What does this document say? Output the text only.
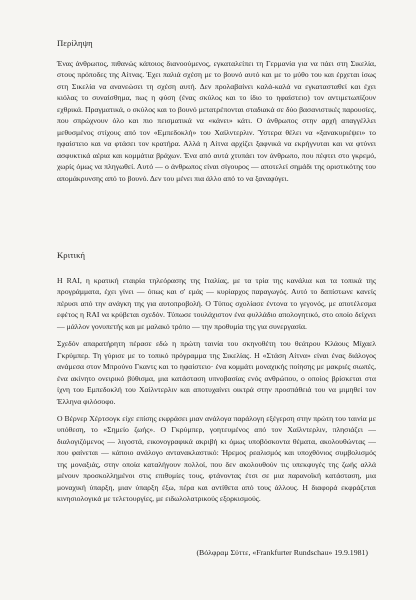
Περίληψη

Ένας άνθρωπος, πιθανώς κάποιος διανοούμενος, εγκαταλείπει τη Γερμανία για να πάει στη Σικελία, στους πρόποδες της Αίτνας. Έχει παλιά σχέση με το βουνό αυτό και με το μύθο του και έρχεται ίσως στη Σικελία να ανανεώσει τη σχέση αυτή. Δεν προλαβαίνει καλά-καλά να εγκατασταθεί και έχει κιόλας το συναίσθημα, πως η φύση (ένας σκύλος και το ίδιο το ηφαίστειο) τον αντιμετωπίζουν εχθρικά. Πραγματικά, ο σκύλος και το βουνό μετατρέπονται σταδιακά σε δύο βασανιστικές παρουσίες, που σπρώχνουν όλο και πιο πεισματικά να «κάνει» κάτι. Ο άνθρωπος στην αρχή απαγγέλλει μεθυσμένος στίχους από τον «Εμπεδοκλή» του Χαίλντερλιν. Ύστερα θέλει να «ξανακυριέψει» το ηφαίστειο και να φτάσει τον κρατήρα. Αλλά η Αίτνα αρχίζει ξαφνικά να εκρήγνυται και να φτύνει ασφυκτικά αέρια και κομμάτια βράχων. Ένα από αυτά χτυπάει τον άνθρωπο, που πέφτει στο γκρεμό, χωρίς όμως να πληγωθεί. Αυτό — ο άνθρωπος είναι σίγουρος — αποτελεί σημάδι της οριστικότης του απομάκρυνσης από το βουνό. Δεν του μένει πια άλλο από το να ξαναφύγει.

Κριτική

Η RAI, η κρατική εταιρία τηλεόρασης της Ιταλίας, με τα τρία της κανάλια και τα τοπικά της προγράμματα, έχει γίνει — όπως και σ' εμάς — κυρίαρχος παραγωγός. Αυτό το δαπίστωνε κανείς πέρυσι από την ανάγκη της για αυτοπροβολή. Ο Τύπος σχολίασε έντονα το γεγονός, με αποτέλεσμα εφέτος η RAI να κρύβεται σχεδόν. Τύπωσε τουλάχιστον ένα φυλλάδιο απολογητικό, στο οποίο δείχνει — μάλλον γονυπετής και με μαλακό τρόπο — την προθυμία της για συνεργασία.

Σχεδόν απαρατήρητη πέρασε εδώ η πρώτη ταινία του σκηνοθέτη του θεάτρου Κλάους Μίχαελ Γκρύμπερ. Τη γύρισε με το τοπικό πρόγραμμα της Σικελίας. Η «Στάση Αίτνα» είναι ένας διάλογος ανάμεσα στον Μπρούνο Γκαντς και το ηφαίστειο· ένα κομμάτι μοναχικής ποίησης με μακριές σιωπές, ένα ακίνητο ονειρικό βύθισμα, μια κατάσταση υπνοβασίας ενός ανθρώπου, ο οποίος βρίσκεται στα ίχνη του Εμπεδοκλή του Χαίλντερλιν και αποτυχαίνει οικτρά στην προσπάθειά του να μιμηθεί τον Έλληνα φιλόσοφο.

Ο Βέρνερ Χέρτσογκ είχε επίσης εκφράσει μιαν ανάλογα παράλογη εξέγερση στην πρώτη του ταινία με υπόθεση, το «Σημείο ζωής». Ο Γκρύμπερ, γοητευμένος από τον Χαίλντερλιν, πλησιάζει — διαλογιζόμενος — λιγοστά, εικονογραφικά ακριβή κι όμως υποβόσκοντα θέματα, ακολουθώντας — που φαίνεται — κάποιο ανάλογο αντανακλαστικό: Ήρεμος ρεαλισμός και υποχθόνιος συμβολισμός της μοναξιάς, στην οποία καταλήγουν πολλοί, που δεν ακολουθούν τις υπεκφυγές της ζωής αλλά μένουν προσκολλημένοι στις επιθυμίες τους, φτάνοντας έτσι σε μια παρανοϊκή κατάσταση, μια μοναχική ύπαρξη, μιαν ύπαρξη έξω, πέρα και αντίθετα από τους άλλους. Η διαφορά εκφράζεται κινησιολογικά με τελετουργίες, με ειδωλολατρικούς εξορκισμούς.

(Βόλφραμ Σύττε, «Frankfurter Rundschau» 19.9.1981)
